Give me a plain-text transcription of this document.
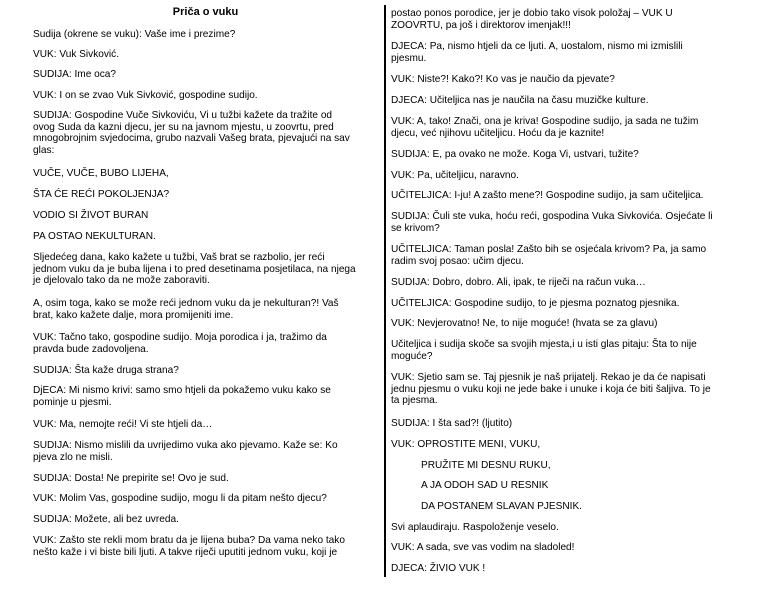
Priča o vuku
Sudija (okrene se vuku): Vaše ime i prezime?
VUK: Vuk Sivković.
SUDIJA: Ime oca?
VUK: I on se zvao Vuk Sivković, gospodine sudijo.
SUDIJA: Gospodine Vuče Sivkoviću, Vi u tužbi kažete da tražite od
ovog Suda da kazni djecu, jer su na javnom mjestu, u zoovrtu, pred
mnogobrojnim svjedocima, grubo nazvali Vašeg brata, pjevajući na sav
glas:
VUČE, VUČE, BUBO LIJEHA,
ŠTA ĆE REĆI POKOLJENJA?
VODIO SI ŽIVOT BURAN
PA OSTAO NEKULTURAN.
Sljedećeg dana, kako kažete u tužbi, Vaš brat se razbolio, jer reći
jednom vuku da je buba lijena i to pred desetinama posjetilaca, na njega
je djelovalo tako da ne može zaboraviti.
A, osim toga, kako se može reći jednom vuku da je nekulturan?! Vaš
brat, kako kažete dalje, mora promijeniti ime.
VUK: Tačno tako, gospodine sudijo. Moja porodica i ja, tražimo da
pravda bude zadovoljena.
SUDIJA: Šta kaže druga strana?
DjECA: Mi nismo krivi: samo smo htjeli da pokažemo vuku kako se
pominje u pjesmi.
VUK: Ma, nemojte reći! Vi ste htjeli da…
SUDIJA: Nismo mislili da uvrijedimo vuka ako pjevamo. Kaže se: Ko
pjeva zlo ne misli.
SUDIJA: Dosta! Ne prepirite se! Ovo je sud.
VUK: Molim Vas, gospodine sudijo, mogu li da pitam nešto djecu?
SUDIJA: Možete, ali bez uvreda.
VUK: Zašto ste rekli mom bratu da je lijena buba? Da vama neko tako
nešto kaže i vi biste bili ljuti. A takve riječi uputiti jednom vuku, koji je
postao ponos porodice, jer je dobio tako visok položaj – VUK U
ZOOVRTU, pa još i direktorov imenjak!!!
DJECA: Pa, nismo htjeli da ce ljuti. A, uostalom, nismo mi izmislili
pjesmu.
VUK: Niste?! Kako?! Ko vas je naučio da pjevate?
DJECA: Učiteljica nas je naučila na času muzičke kulture.
VUK: A, tako! Znači, ona je kriva! Gospodine sudijo, ja sada ne tužim
djecu, već njihovu učiteljicu. Hoću da je kaznite!
SUDIJA: E, pa ovako ne može. Koga Vi, ustvari, tužite?
VUK: Pa, učiteljicu, naravno.
UČITELJICA: I-ju! A zašto mene?! Gospodine sudijo, ja sam učiteljica.
SUDIJA: Čuli ste vuka, hoću reći, gospodina Vuka Sivkovića. Osjećate li
se krivom?
UČITELJICA: Taman posla! Zašto bih se osjećala krivom? Pa, ja samo
radim svoj posao: učim djecu.
SUDIJA: Dobro, dobro. Ali, ipak, te riječi na račun vuka…
UČITELJICA: Gospodine sudijo, to je pjesma poznatog pjesnika.
VUK: Nevjerovatno! Ne, to nije moguće! (hvata se za glavu)
Učiteljica i sudija skoče sa svojih mjesta,i u isti glas pitaju: Šta to nije
moguće?
VUK: Sjetio sam se. Taj pjesnik je naš prijatelj. Rekao je da će napisati
jednu pjesmu o vuku koji ne jede bake i unuke i koja će biti šaljiva. To je
ta pjesma.
SUDIJA: I šta sad?! (ljutito)
VUK: OPROSTITE MENI, VUKU,
PRUŽITE MI DESNU RUKU,
A JA ODOH SAD U RESNIK
DA POSTANEM SLAVAN PJESNIK.
Svi aplaudiraju. Raspoloženje veselo.
VUK: A sada, sve vas vodim na sladoled!
DJECA: ŽIVIO VUK !
